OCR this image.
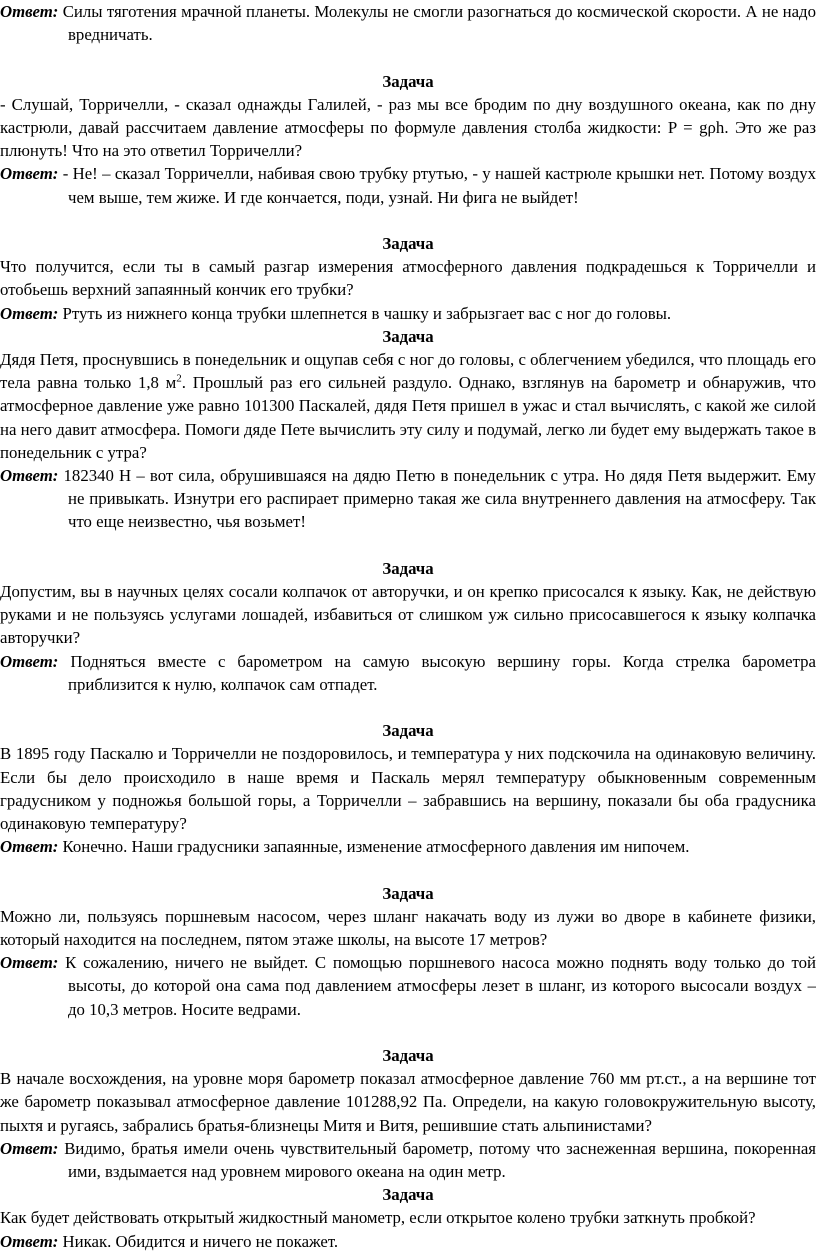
Ответ: Силы тяготения мрачной планеты. Молекулы не смогли разогнаться до космической скорости. А не надо вредничать.

Задача

- Слушай, Торричелли, - сказал однажды Галилей, - раз мы все бродим по дну воздушного океана, как по дну кастрюли, давай рассчитаем давление атмосферы по формуле давления столба жидкости: P = gρh. Это же раз плюнуть! Что на это ответил Торричелли?

Ответ: - Не! – сказал Торричелли, набивая свою трубку ртутью, - у нашей кастрюле крышки нет. Потому воздух чем выше, тем жиже. И где кончается, поди, узнай. Ни фига не выйдет!

Задача

Что получится, если ты в самый разгар измерения атмосферного давления подкрадешься к Торричелли и отобьешь верхний запаянный кончик его трубки?

Ответ: Ртуть из нижнего конца трубки шлепнется в чашку и забрызгает вас с ног до головы.

Задача

Дядя Петя, проснувшись в понедельник и ощупав себя с ног до головы, с облегчением убедился, что площадь его тела равна только 1,8 $м^2$. Прошлый раз его сильней раздуло. Однако, взглянув на барометр и обнаружив, что атмосферное давление уже равно 101300 Паскалей, дядя Петя пришел в ужас и стал вычислять, с какой же силой на него давит атмосфера. Помоги дяде Пете вычислить эту силу и подумай, легко ли будет ему выдержать такое в понедельник с утра?

Ответ: 182340 Н – вот сила, обрушившаяся на дядю Петю в понедельник с утра. Но дядя Петя выдержит. Ему не привыкать. Изнутри его распирает примерно такая же сила внутреннего давления на атмосферу. Так что еще неизвестно, чья возьмет!

Задача

Допустим, вы в научных целях сосали колпачок от авторучки, и он крепко присосался к языку. Как, не действую руками и не пользуясь услугами лошадей, избавиться от слишком уж сильно присосавшегося к языку колпачка авторучки?

Ответ: Подняться вместе с барометром на самую высокую вершину горы. Когда стрелка барометра приблизится к нулю, колпачок сам отпадет.

Задача

В 1895 году Паскалю и Торричелли не поздоровилось, и температура у них подскочила на одинаковую величину. Если бы дело происходило в наше время и Паскаль мерял температуру обыкновенным современным градусником у подножья большой горы, а Торричелли – забравшись на вершину, показали бы оба градусника одинаковую температуру?

Ответ: Конечно. Наши градусники запаянные, изменение атмосферного давления им нипочем.

Задача

Можно ли, пользуясь поршневым насосом, через шланг накачать воду из лужи во дворе в кабинете физики, который находится на последнем, пятом этаже школы, на высоте 17 метров?

Ответ: К сожалению, ничего не выйдет. С помощью поршневого насоса можно поднять воду только до той высоты, до которой она сама под давлением атмосферы лезет в шланг, из которого высосали воздух – до 10,3 метров. Носите ведрами.

Задача

В начале восхождения, на уровне моря барометр показал атмосферное давление 760 мм рт.ст., а на вершине тот же барометр показывал атмосферное давление 101288,92 Па. Определи, на какую головокружительную высоту, пыхтя и ругаясь, забрались братья-близнецы Митя и Витя, решившие стать альпинистами?

Ответ: Видимо, братья имели очень чувствительный барометр, потому что заснеженная вершина, покоренная ими, вздымается над уровнем мирового океана на один метр.

Задача

Как будет действовать открытый жидкостный манометр, если открытое колено трубки заткнуть пробкой?

Ответ: Никак. Обидится и ничего не покажет.
